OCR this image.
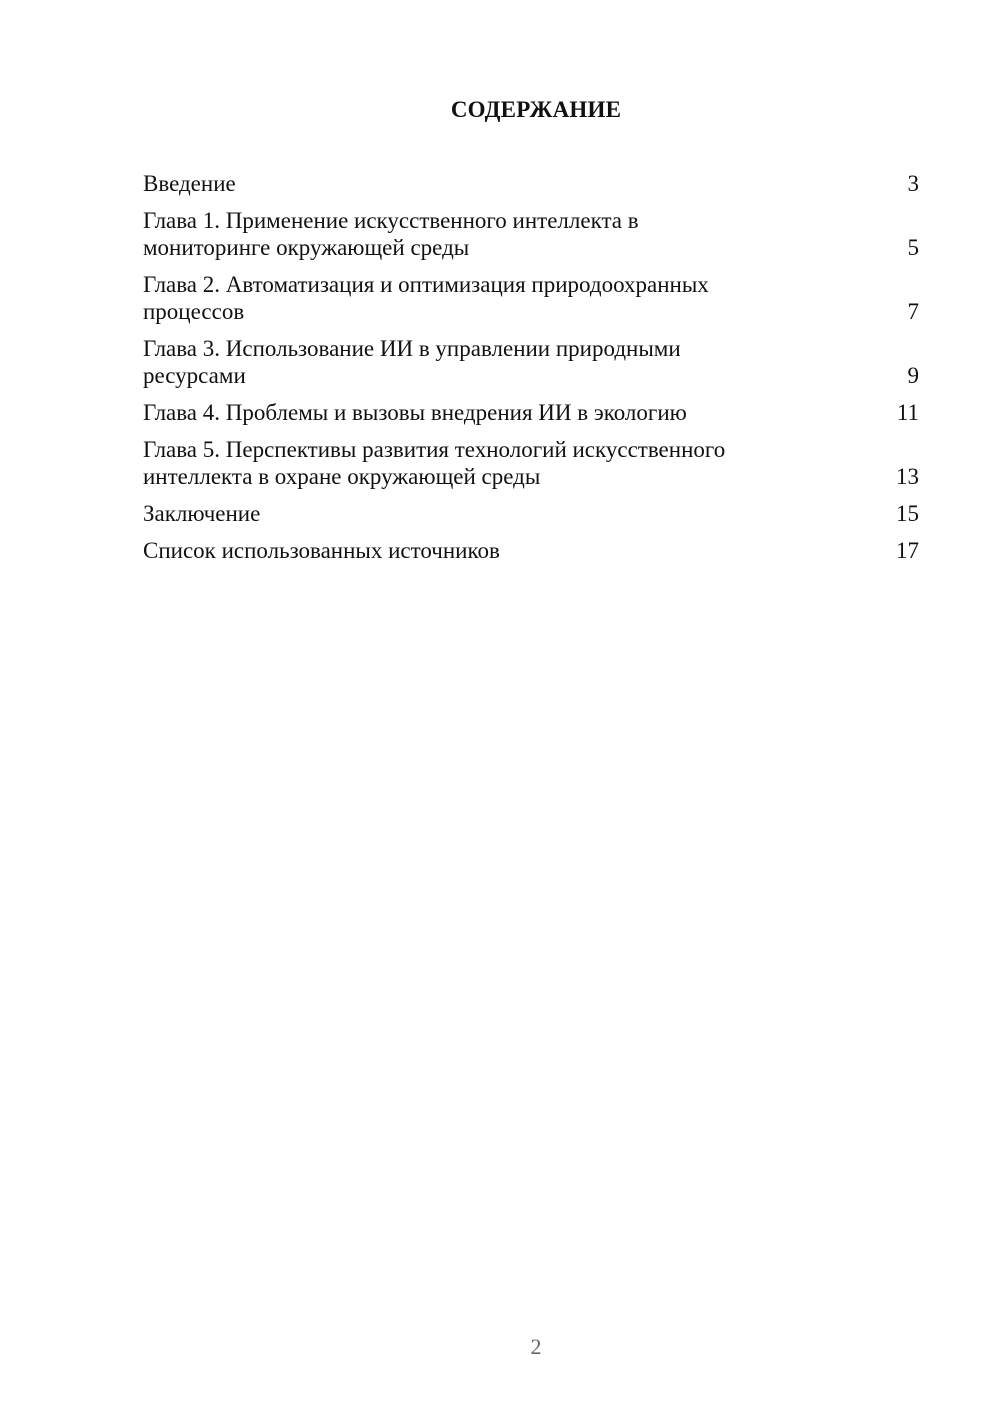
СОДЕРЖАНИЕ
Введение	3
Глава 1. Применение искусственного интеллекта в
мониторинге окружающей среды	5
Глава 2. Автоматизация и оптимизация природоохранных
процессов	7
Глава 3. Использование ИИ в управлении природными
ресурсами	9
Глава 4. Проблемы и вызовы внедрения ИИ в экологию	11
Глава 5. Перспективы развития технологий искусственного
интеллекта в охране окружающей среды	13
Заключение	15
Список использованных источников	17
2
